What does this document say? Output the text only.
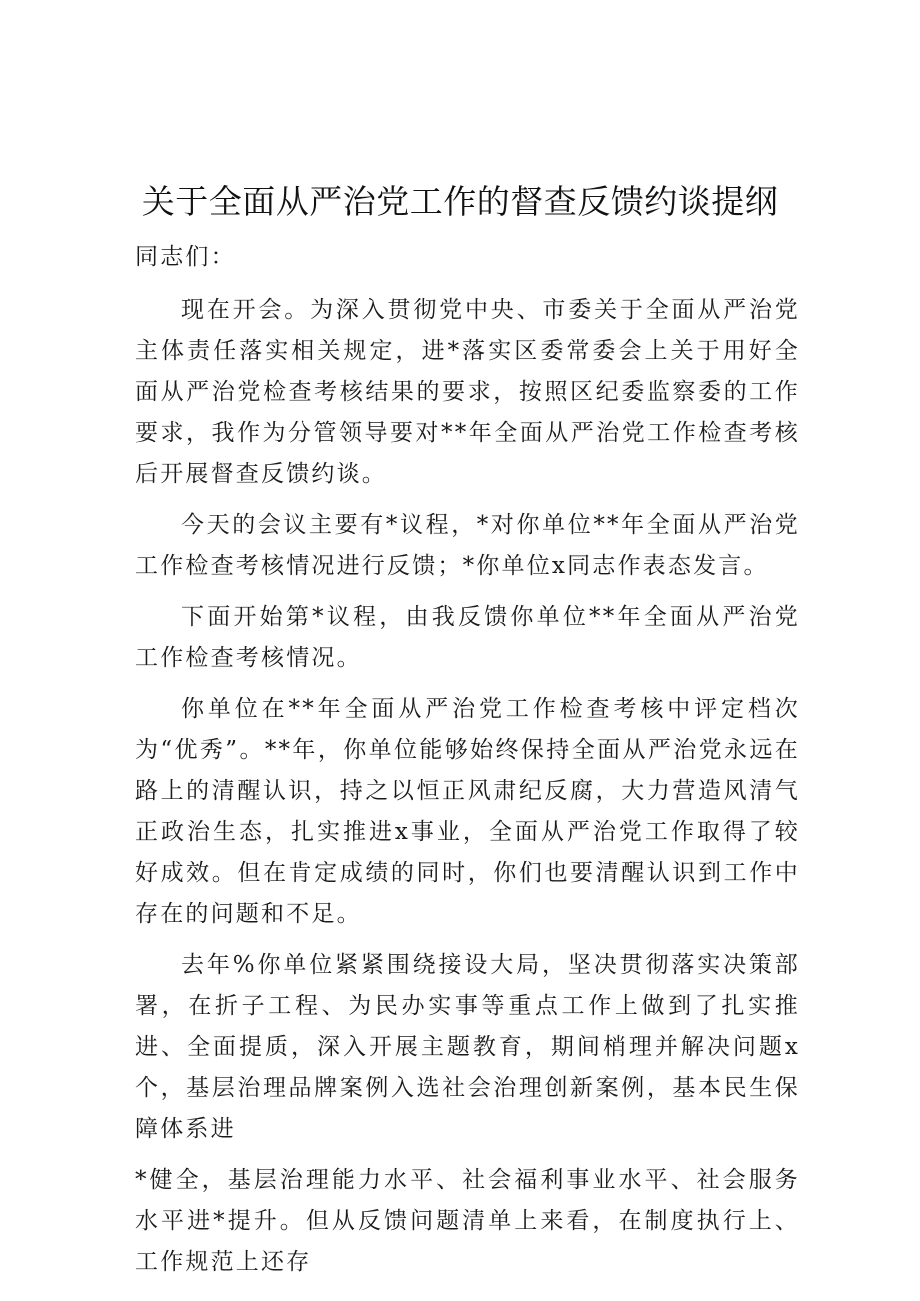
关于全面从严治党工作的督查反馈约谈提纲

同志们：

现在开会。为深入贯彻党中央、市委关于全面从严治党主体责任落实相关规定，进*落实区委常委会上关于用好全面从严治党检查考核结果的要求，按照区纪委监察委的工作要求，我作为分管领导要对**年全面从严治党工作检查考核后开展督查反馈约谈。

今天的会议主要有*议程，*对你单位**年全面从严治党工作检查考核情况进行反馈；*你单位x同志作表态发言。

下面开始第*议程，由我反馈你单位**年全面从严治党工作检查考核情况。

你单位在**年全面从严治党工作检查考核中评定档次为“优秀”。**年，你单位能够始终保持全面从严治党永远在路上的清醒认识，持之以恒正风肃纪反腐，大力营造风清气正政治生态，扎实推进x事业，全面从严治党工作取得了较好成效。但在肯定成绩的同时，你们也要清醒认识到工作中存在的问题和不足。

去年%你单位紧紧围绕接设大局，坚决贯彻落实决策部署，在折子工程、为民办实事等重点工作上做到了扎实推进、全面提质，深入开展主题教育，期间梢理并解决问题x个，基层治理品牌案例入选社会治理创新案例，基本民生保障体系进

*健全，基层治理能力水平、社会福利事业水平、社会服务水平进*提升。但从反馈问题清单上来看，在制度执行上、工作规范上还存
